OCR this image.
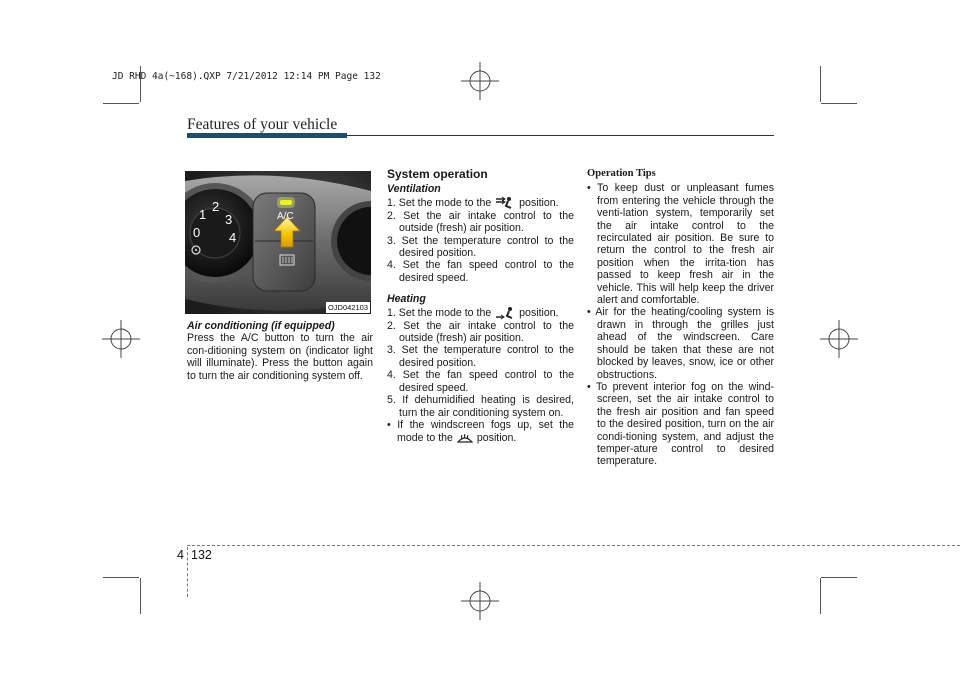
JD RHD 4a(~168).QXP 7/21/2012 12:14 PM Page 132
Features of your vehicle
0
1
2
3
4
A/C
OJD042103

Air conditioning (if equipped)

Press the A/C button to turn the air con-ditioning system on (indicator light will illuminate). Press the button again to turn the air conditioning system off.

System operation

Ventilation

1. Set the mode to the	position.

2. Set the air intake control to the outside (fresh) air position.

3. Set the temperature control to the desired position.

4. Set the fan speed control to the desired speed.

Heating

1. Set the mode to the	position.

2. Set the air intake control to the outside (fresh) air position.

3. Set the temperature control to the desired position.

4. Set the fan speed control to the desired speed.

5. If dehumidified heating is desired, turn the air conditioning system on.

• If the windscreen fogs up, set the mode to the position.

Operation Tips

• To keep dust or unpleasant fumes from entering the vehicle through the venti-lation system, temporarily set the air intake control to the recirculated air position. Be sure to return the control to the fresh air position when the irrita-tion has passed to keep fresh air in the vehicle. This will help keep the driver alert and comfortable.

• Air for the heating/cooling system is drawn in through the grilles just ahead of the windscreen. Care should be taken that these are not blocked by leaves, snow, ice or other obstructions.

• To prevent interior fog on the wind-screen, set the air intake control to the fresh air position and fan speed to the desired position, turn on the air condi-tioning system, and adjust the temper-ature control to desired temperature.

4 132
